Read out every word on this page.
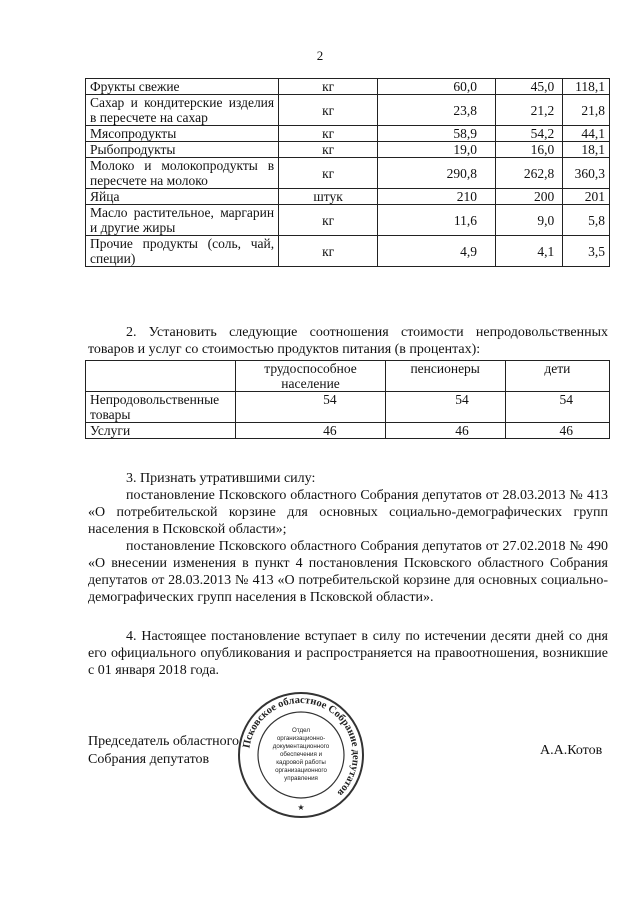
2
Фрукты свежие	кг	60,0	45,0	118,1
Сахар и кондитерские изделия в пересчете на сахар	кг	23,8	21,2	21,8
Мясопродукты	кг	58,9	54,2	44,1
Рыбопродукты	кг	19,0	16,0	18,1
Молоко и молокопродукты в пересчете на молоко	кг	290,8	262,8	360,3
Яйца	штук	210	200	201
Масло растительное, маргарин и другие жиры	кг	11,6	9,0	5,8
Прочие продукты (соль, чай, специи)	кг	4,9	4,1	3,5
2. Установить следующие соотношения стоимости непродовольственных товаров и услуг со стоимостью продуктов питания (в процентах):
	трудоспособное население	пенсионеры	дети
Непродовольственные товары	54	54	54
Услуги	46	46	46
3. Признать утратившими силу:
постановление Псковского областного Собрания депутатов от 28.03.2013 № 413 «О потребительской корзине для основных социально-демографических групп населения в Псковской области»;
постановление Псковского областного Собрания депутатов от 27.02.2018 № 490 «О внесении изменения в пункт 4 постановления Псковского областного Собрания депутатов от 28.03.2013 № 413 «О потребительской корзине для основных социально-демографических групп населения в Псковской области».
4. Настоящее постановление вступает в силу по истечении десяти дней со дня его официального опубликования и распространяется на правоотношения, возникшие с 01 января 2018 года.
Председатель областного
Собрания депутатов
А.А.Котов
Псковское областное Собрание депутатов
Отдел
организационно-
документационного
обеспечения и
кадровой работы
организационного
управления
★
